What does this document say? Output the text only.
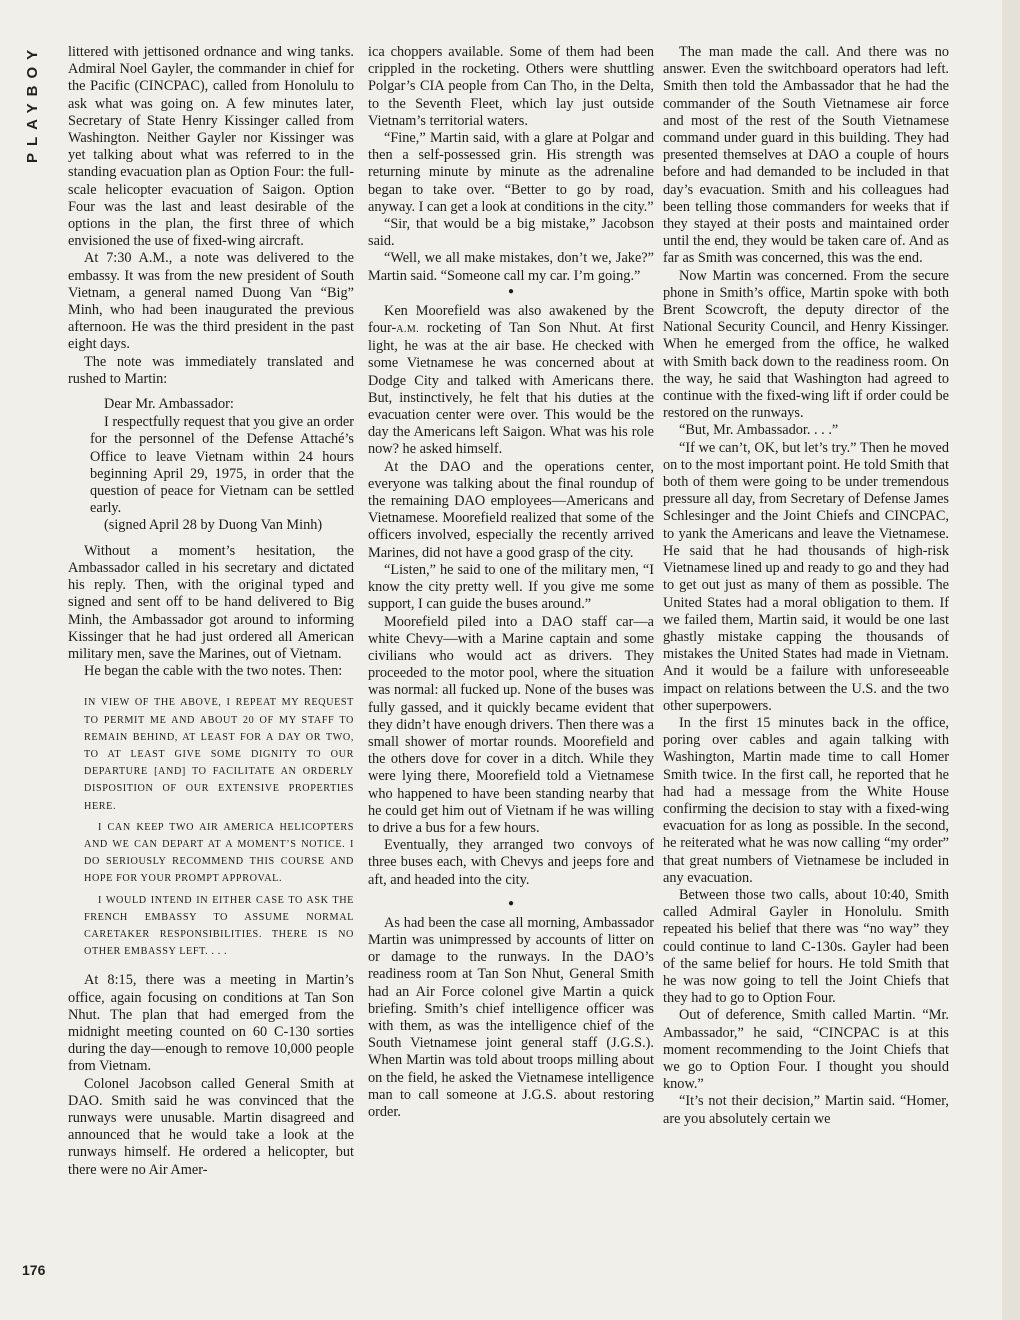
PLAYBOY
176

littered with jettisoned ordnance and wing tanks. Admiral Noel Gayler, the commander in chief for the Pacific (CINCPAC), called from Honolulu to ask what was going on. A few minutes later, Secretary of State Henry Kissinger called from Washington. Neither Gayler nor Kissinger was yet talking about what was referred to in the standing evacuation plan as Option Four: the full-scale helicopter evacuation of Saigon. Option Four was the last and least desirable of the options in the plan, the first three of which envisioned the use of fixed-wing aircraft.

At 7:30 A.M., a note was delivered to the embassy. It was from the new president of South Vietnam, a general named Duong Van “Big” Minh, who had been inaugurated the previous afternoon. He was the third president in the past eight days.

The note was immediately translated and rushed to Martin:

Dear Mr. Ambassador:

I respectfully request that you give an order for the personnel of the Defense Attaché’s Office to leave Vietnam within 24 hours beginning April 29, 1975, in order that the question of peace for Vietnam can be settled early.

(signed April 28 by Duong Van Minh)

Without a moment’s hesitation, the Ambassador called in his secretary and dictated his reply. Then, with the original typed and signed and sent off to be hand delivered to Big Minh, the Ambassador got around to informing Kissinger that he had just ordered all American military men, save the Marines, out of Vietnam.

He began the cable with the two notes. Then:

IN VIEW OF THE ABOVE, I REPEAT MY REQUEST TO PERMIT ME AND ABOUT 20 OF MY STAFF TO REMAIN BEHIND, AT LEAST FOR A DAY OR TWO, TO AT LEAST GIVE SOME DIGNITY TO OUR DEPARTURE [AND] TO FACILITATE AN ORDERLY DISPOSITION OF OUR EXTENSIVE PROPERTIES HERE.

I CAN KEEP TWO AIR AMERICA HELICOPTERS AND WE CAN DEPART AT A MOMENT’S NOTICE. I DO SERIOUSLY RECOMMEND THIS COURSE AND HOPE FOR YOUR PROMPT APPROVAL.

I WOULD INTEND IN EITHER CASE TO ASK THE FRENCH EMBASSY TO ASSUME NORMAL CARETAKER RESPONSIBILITIES. THERE IS NO OTHER EMBASSY LEFT. . . .

At 8:15, there was a meeting in Martin’s office, again focusing on conditions at Tan Son Nhut. The plan that had emerged from the midnight meeting counted on 60 C-130 sorties during the day—enough to remove 10,000 people from Vietnam.

Colonel Jacobson called General Smith at DAO. Smith said he was convinced that the runways were unusable. Martin disagreed and announced that he would take a look at the runways himself. He ordered a helicopter, but there were no Air Amer-

ica choppers available. Some of them had been crippled in the rocketing. Others were shuttling Polgar’s CIA people from Can Tho, in the Delta, to the Seventh Fleet, which lay just outside Vietnam’s territorial waters.

“Fine,” Martin said, with a glare at Polgar and then a self-possessed grin. His strength was returning minute by minute as the adrenaline began to take over. “Better to go by road, anyway. I can get a look at conditions in the city.”

“Sir, that would be a big mistake,” Jacobson said.

“Well, we all make mistakes, don’t we, Jake?” Martin said. “Someone call my car. I’m going.”

●

Ken Moorefield was also awakened by the four-A.M. rocketing of Tan Son Nhut. At first light, he was at the air base. He checked with some Vietnamese he was concerned about at Dodge City and talked with Americans there. But, instinctively, he felt that his duties at the evacuation center were over. This would be the day the Americans left Saigon. What was his role now? he asked himself.

At the DAO and the operations center, everyone was talking about the final roundup of the remaining DAO employees—Americans and Vietnamese. Moorefield realized that some of the officers involved, especially the recently arrived Marines, did not have a good grasp of the city.

“Listen,” he said to one of the military men, “I know the city pretty well. If you give me some support, I can guide the buses around.”

Moorefield piled into a DAO staff car—a white Chevy—with a Marine captain and some civilians who would act as drivers. They proceeded to the motor pool, where the situation was normal: all fucked up. None of the buses was fully gassed, and it quickly became evident that they didn’t have enough drivers. Then there was a small shower of mortar rounds. Moorefield and the others dove for cover in a ditch. While they were lying there, Moorefield told a Vietnamese who happened to have been standing nearby that he could get him out of Vietnam if he was willing to drive a bus for a few hours.

Eventually, they arranged two convoys of three buses each, with Chevys and jeeps fore and aft, and headed into the city.

●

As had been the case all morning, Ambassador Martin was unimpressed by accounts of litter on or damage to the runways. In the DAO’s readiness room at Tan Son Nhut, General Smith had an Air Force colonel give Martin a quick briefing. Smith’s chief intelligence officer was with them, as was the intelligence chief of the South Vietnamese joint general staff (J.G.S.). When Martin was told about troops milling about on the field, he asked the Vietnamese intelligence man to call someone at J.G.S. about restoring order.

The man made the call. And there was no answer. Even the switchboard operators had left. Smith then told the Ambassador that he had the commander of the South Vietnamese air force and most of the rest of the South Vietnamese command under guard in this building. They had presented themselves at DAO a couple of hours before and had demanded to be included in that day’s evacuation. Smith and his colleagues had been telling those commanders for weeks that if they stayed at their posts and maintained order until the end, they would be taken care of. And as far as Smith was concerned, this was the end.

Now Martin was concerned. From the secure phone in Smith’s office, Martin spoke with both Brent Scowcroft, the deputy director of the National Security Council, and Henry Kissinger. When he emerged from the office, he walked with Smith back down to the readiness room. On the way, he said that Washington had agreed to continue with the fixed-wing lift if order could be restored on the runways.

“But, Mr. Ambassador. . . .”

“If we can’t, OK, but let’s try.” Then he moved on to the most important point. He told Smith that both of them were going to be under tremendous pressure all day, from Secretary of Defense James Schlesinger and the Joint Chiefs and CINCPAC, to yank the Americans and leave the Vietnamese. He said that he had thousands of high-risk Vietnamese lined up and ready to go and they had to get out just as many of them as possible. The United States had a moral obligation to them. If we failed them, Martin said, it would be one last ghastly mistake capping the thousands of mistakes the United States had made in Vietnam. And it would be a failure with unforeseeable impact on relations between the U.S. and the two other superpowers.

In the first 15 minutes back in the office, poring over cables and again talking with Washington, Martin made time to call Homer Smith twice. In the first call, he reported that he had had a message from the White House confirming the decision to stay with a fixed-wing evacuation for as long as possible. In the second, he reiterated what he was now calling “my order” that great numbers of Vietnamese be included in any evacuation.

Between those two calls, about 10:40, Smith called Admiral Gayler in Honolulu. Smith repeated his belief that there was “no way” they could continue to land C-130s. Gayler had been of the same belief for hours. He told Smith that he was now going to tell the Joint Chiefs that they had to go to Option Four.

Out of deference, Smith called Martin. “Mr. Ambassador,” he said, “CINCPAC is at this moment recommending to the Joint Chiefs that we go to Option Four. I thought you should know.”

“It’s not their decision,” Martin said. “Homer, are you absolutely certain we
